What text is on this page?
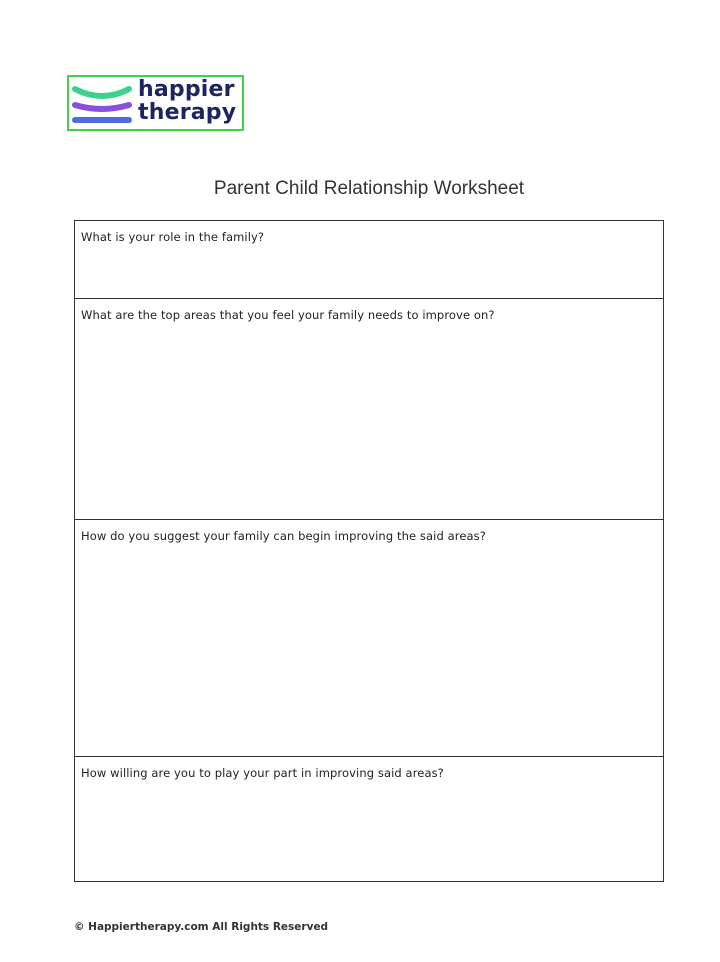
happier
therapy
Parent Child Relationship Worksheet
What is your role in the family?
What are the top areas that you feel your family needs to improve on?
How do you suggest your family can begin improving the said areas?
How willing are you to play your part in improving said areas?
© Happiertherapy.com All Rights Reserved
